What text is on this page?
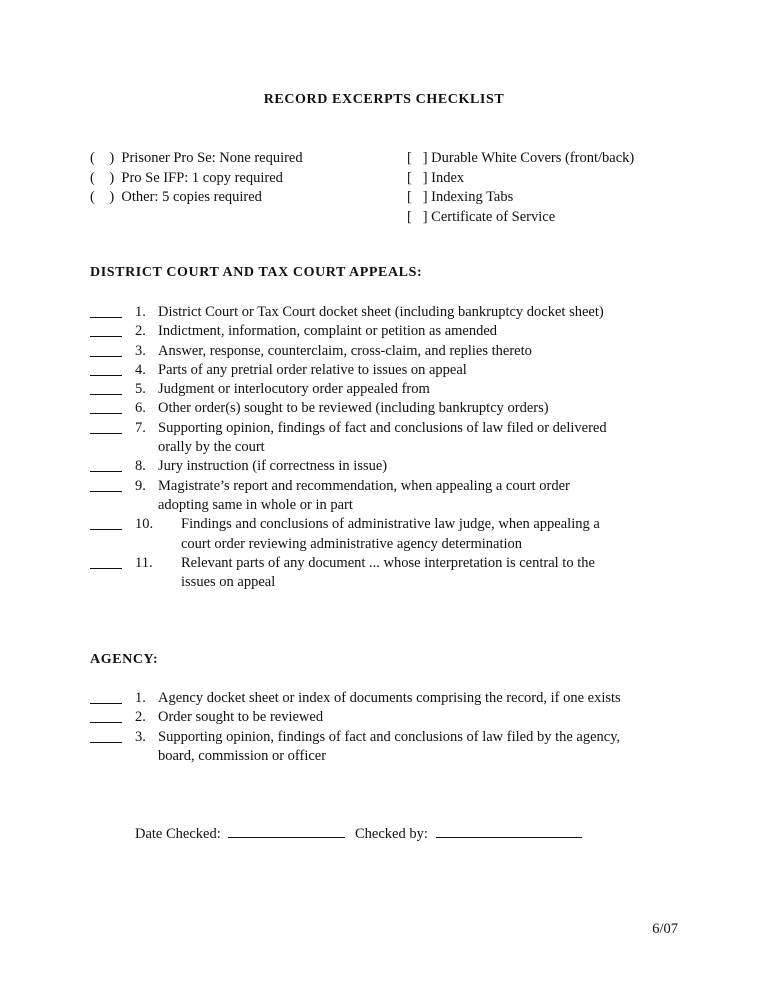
RECORD EXCERPTS CHECKLIST
(    )  Prisoner Pro Se: None required
(    )  Pro Se IFP: 1 copy required
(    )  Other: 5 copies required
[   ] Durable White Covers (front/back)
[   ] Index
[   ] Indexing Tabs
[   ] Certificate of Service
DISTRICT COURT AND TAX COURT APPEALS:
1. District Court or Tax Court docket sheet (including bankruptcy docket sheet)
2. Indictment, information, complaint or petition as amended
3. Answer, response, counterclaim, cross-claim, and replies thereto
4. Parts of any pretrial order relative to issues on appeal
5. Judgment or interlocutory order appealed from
6. Other order(s) sought to be reviewed (including bankruptcy orders)
7. Supporting opinion, findings of fact and conclusions of law filed or delivered
orally by the court
8. Jury instruction (if correctness in issue)
9. Magistrate’s report and recommendation, when appealing a court order
adopting same in whole or in part
10. Findings and conclusions of administrative law judge, when appealing a
court order reviewing administrative agency determination
11. Relevant parts of any document ... whose interpretation is central to the
issues on appeal
AGENCY:
1. Agency docket sheet or index of documents comprising the record, if one exists
2. Order sought to be reviewed
3. Supporting opinion, findings of fact and conclusions of law filed by the agency,
board, commission or officer
Date Checked:	Checked by:
6/07
